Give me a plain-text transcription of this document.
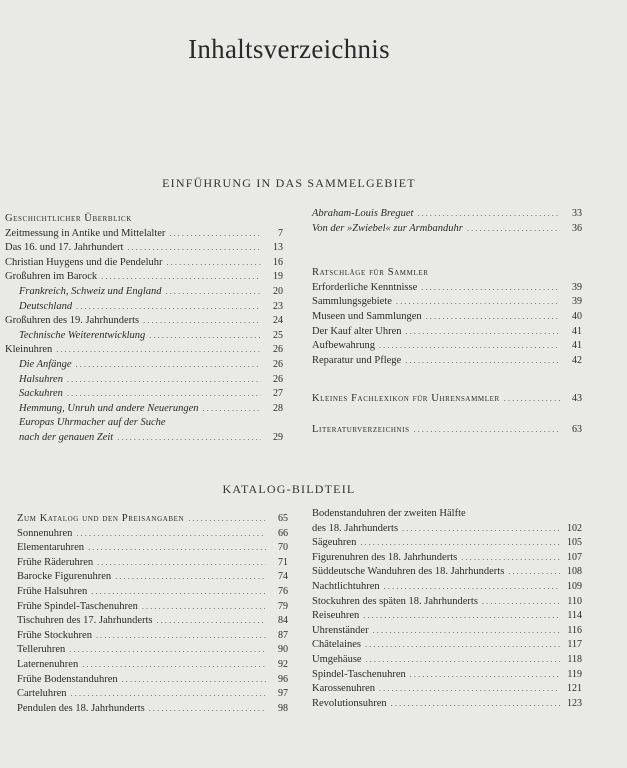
Inhaltsverzeichnis
EINFÜHRUNG IN DAS SAMMELGEBIET
KATALOG-BILDTEIL
Geschichtlicher Überblick
Zeitmessung in Antike und Mittelalter .....	7
Das 16. und 17. Jahrhundert .....	13
Christian Huygens und die Pendeluhr .....	16
Großuhren im Barock .....	19
Frankreich, Schweiz und England .....	20
Deutschland .....	23
Großuhren des 19. Jahrhunderts .....	24
Technische Weiterentwicklung .....	25
Kleinuhren .....	26
Die Anfänge .....	26
Halsuhren .....	26
Sackuhren .....	27
Hemmung, Unruh und andere Neuerungen .....	28
Europas Uhrmacher auf der Suche
nach der genauen Zeit .....	29
Abraham-Louis Breguet .....	33
Von der »Zwiebel« zur Armbanduhr .....	36
Ratschläge für Sammler
Erforderliche Kenntnisse .....	39
Sammlungsgebiete .....	39
Museen und Sammlungen .....	40
Der Kauf alter Uhren .....	41
Aufbewahrung .....	41
Reparatur und Pflege .....	42
Kleines Fachlexikon für Uhrensammler .....	43
Literaturverzeichnis .....	63
Zum Katalog und den Preisangaben .....	65
Sonnenuhren .....	66
Elementaruhren .....	70
Frühe Räderuhren .....	71
Barocke Figurenuhren .....	74
Frühe Halsuhren .....	76
Frühe Spindel-Taschenuhren .....	79
Tischuhren des 17. Jahrhunderts .....	84
Frühe Stockuhren .....	87
Telleruhren .....	90
Laternenuhren .....	92
Frühe Bodenstanduhren .....	96
Carteluhren .....	97
Pendulen des 18. Jahrhunderts .....	98
Bodenstanduhren der zweiten Hälfte
des 18. Jahrhunderts .....	102
Sägeuhren .....	105
Figurenuhren des 18. Jahrhunderts .....	107
Süddeutsche Wanduhren des 18. Jahrhunderts .....	108
Nachtlichtuhren .....	109
Stockuhren des späten 18. Jahrhunderts .....	110
Reiseuhren .....	114
Uhrenständer .....	116
Châtelaines .....	117
Umgehäuse .....	118
Spindel-Taschenuhren .....	119
Karossenuhren .....	121
Revolutionsuhren .....	123
